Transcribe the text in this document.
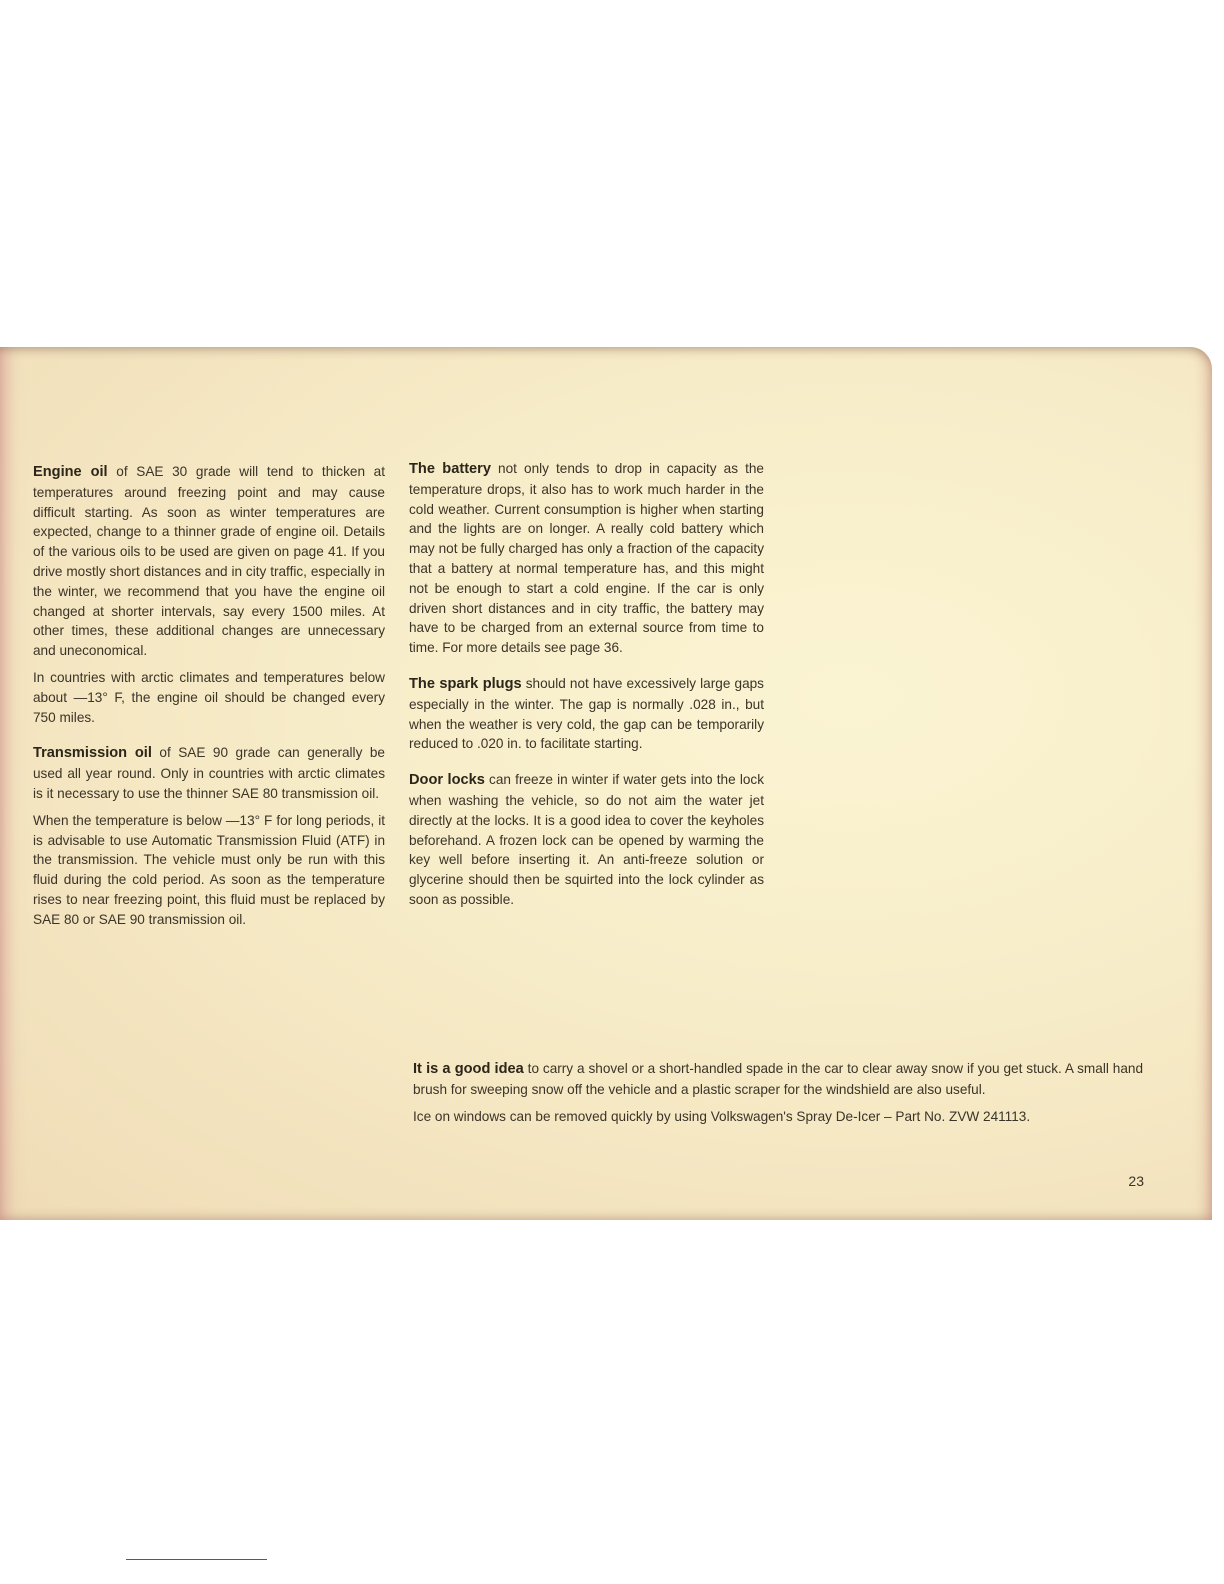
Engine oil of SAE 30 grade will tend to thicken at temperatures around freezing point and may cause difficult starting. As soon as winter temperatures are expected, change to a thinner grade of engine oil. Details of the various oils to be used are given on page 41. If you drive mostly short distances and in city traffic, especially in the winter, we recommend that you have the engine oil changed at shorter intervals, say every 1500 miles. At other times, these additional changes are unnecessary and uneconomical.

In countries with arctic climates and temperatures below about —13° F, the engine oil should be changed every 750 miles.

Transmission oil of SAE 90 grade can generally be used all year round. Only in countries with arctic climates is it necessary to use the thinner SAE 80 transmission oil.

When the temperature is below —13° F for long periods, it is advisable to use Automatic Transmission Fluid (ATF) in the transmission. The vehicle must only be run with this fluid during the cold period. As soon as the temperature rises to near freezing point, this fluid must be replaced by SAE 80 or SAE 90 transmission oil.

The battery not only tends to drop in capacity as the temperature drops, it also has to work much harder in the cold weather. Current consumption is higher when starting and the lights are on longer. A really cold battery which may not be fully charged has only a fraction of the capacity that a battery at normal temperature has, and this might not be enough to start a cold engine. If the car is only driven short distances and in city traffic, the battery may have to be charged from an external source from time to time. For more details see page 36.

The spark plugs should not have excessively large gaps especially in the winter. The gap is normally .028 in., but when the weather is very cold, the gap can be temporarily reduced to .020 in. to facilitate starting.

Door locks can freeze in winter if water gets into the lock when washing the vehicle, so do not aim the water jet directly at the locks. It is a good idea to cover the keyholes beforehand. A frozen lock can be opened by warming the key well before inserting it. An anti-freeze solution or glycerine should then be squirted into the lock cylinder as soon as possible.

It is a good idea to carry a shovel or a short-handled spade in the car to clear away snow if you get stuck. A small hand brush for sweeping snow off the vehicle and a plastic scraper for the windshield are also useful.

Ice on windows can be removed quickly by using Volkswagen's Spray De-Icer – Part No. ZVW 241113.

23
